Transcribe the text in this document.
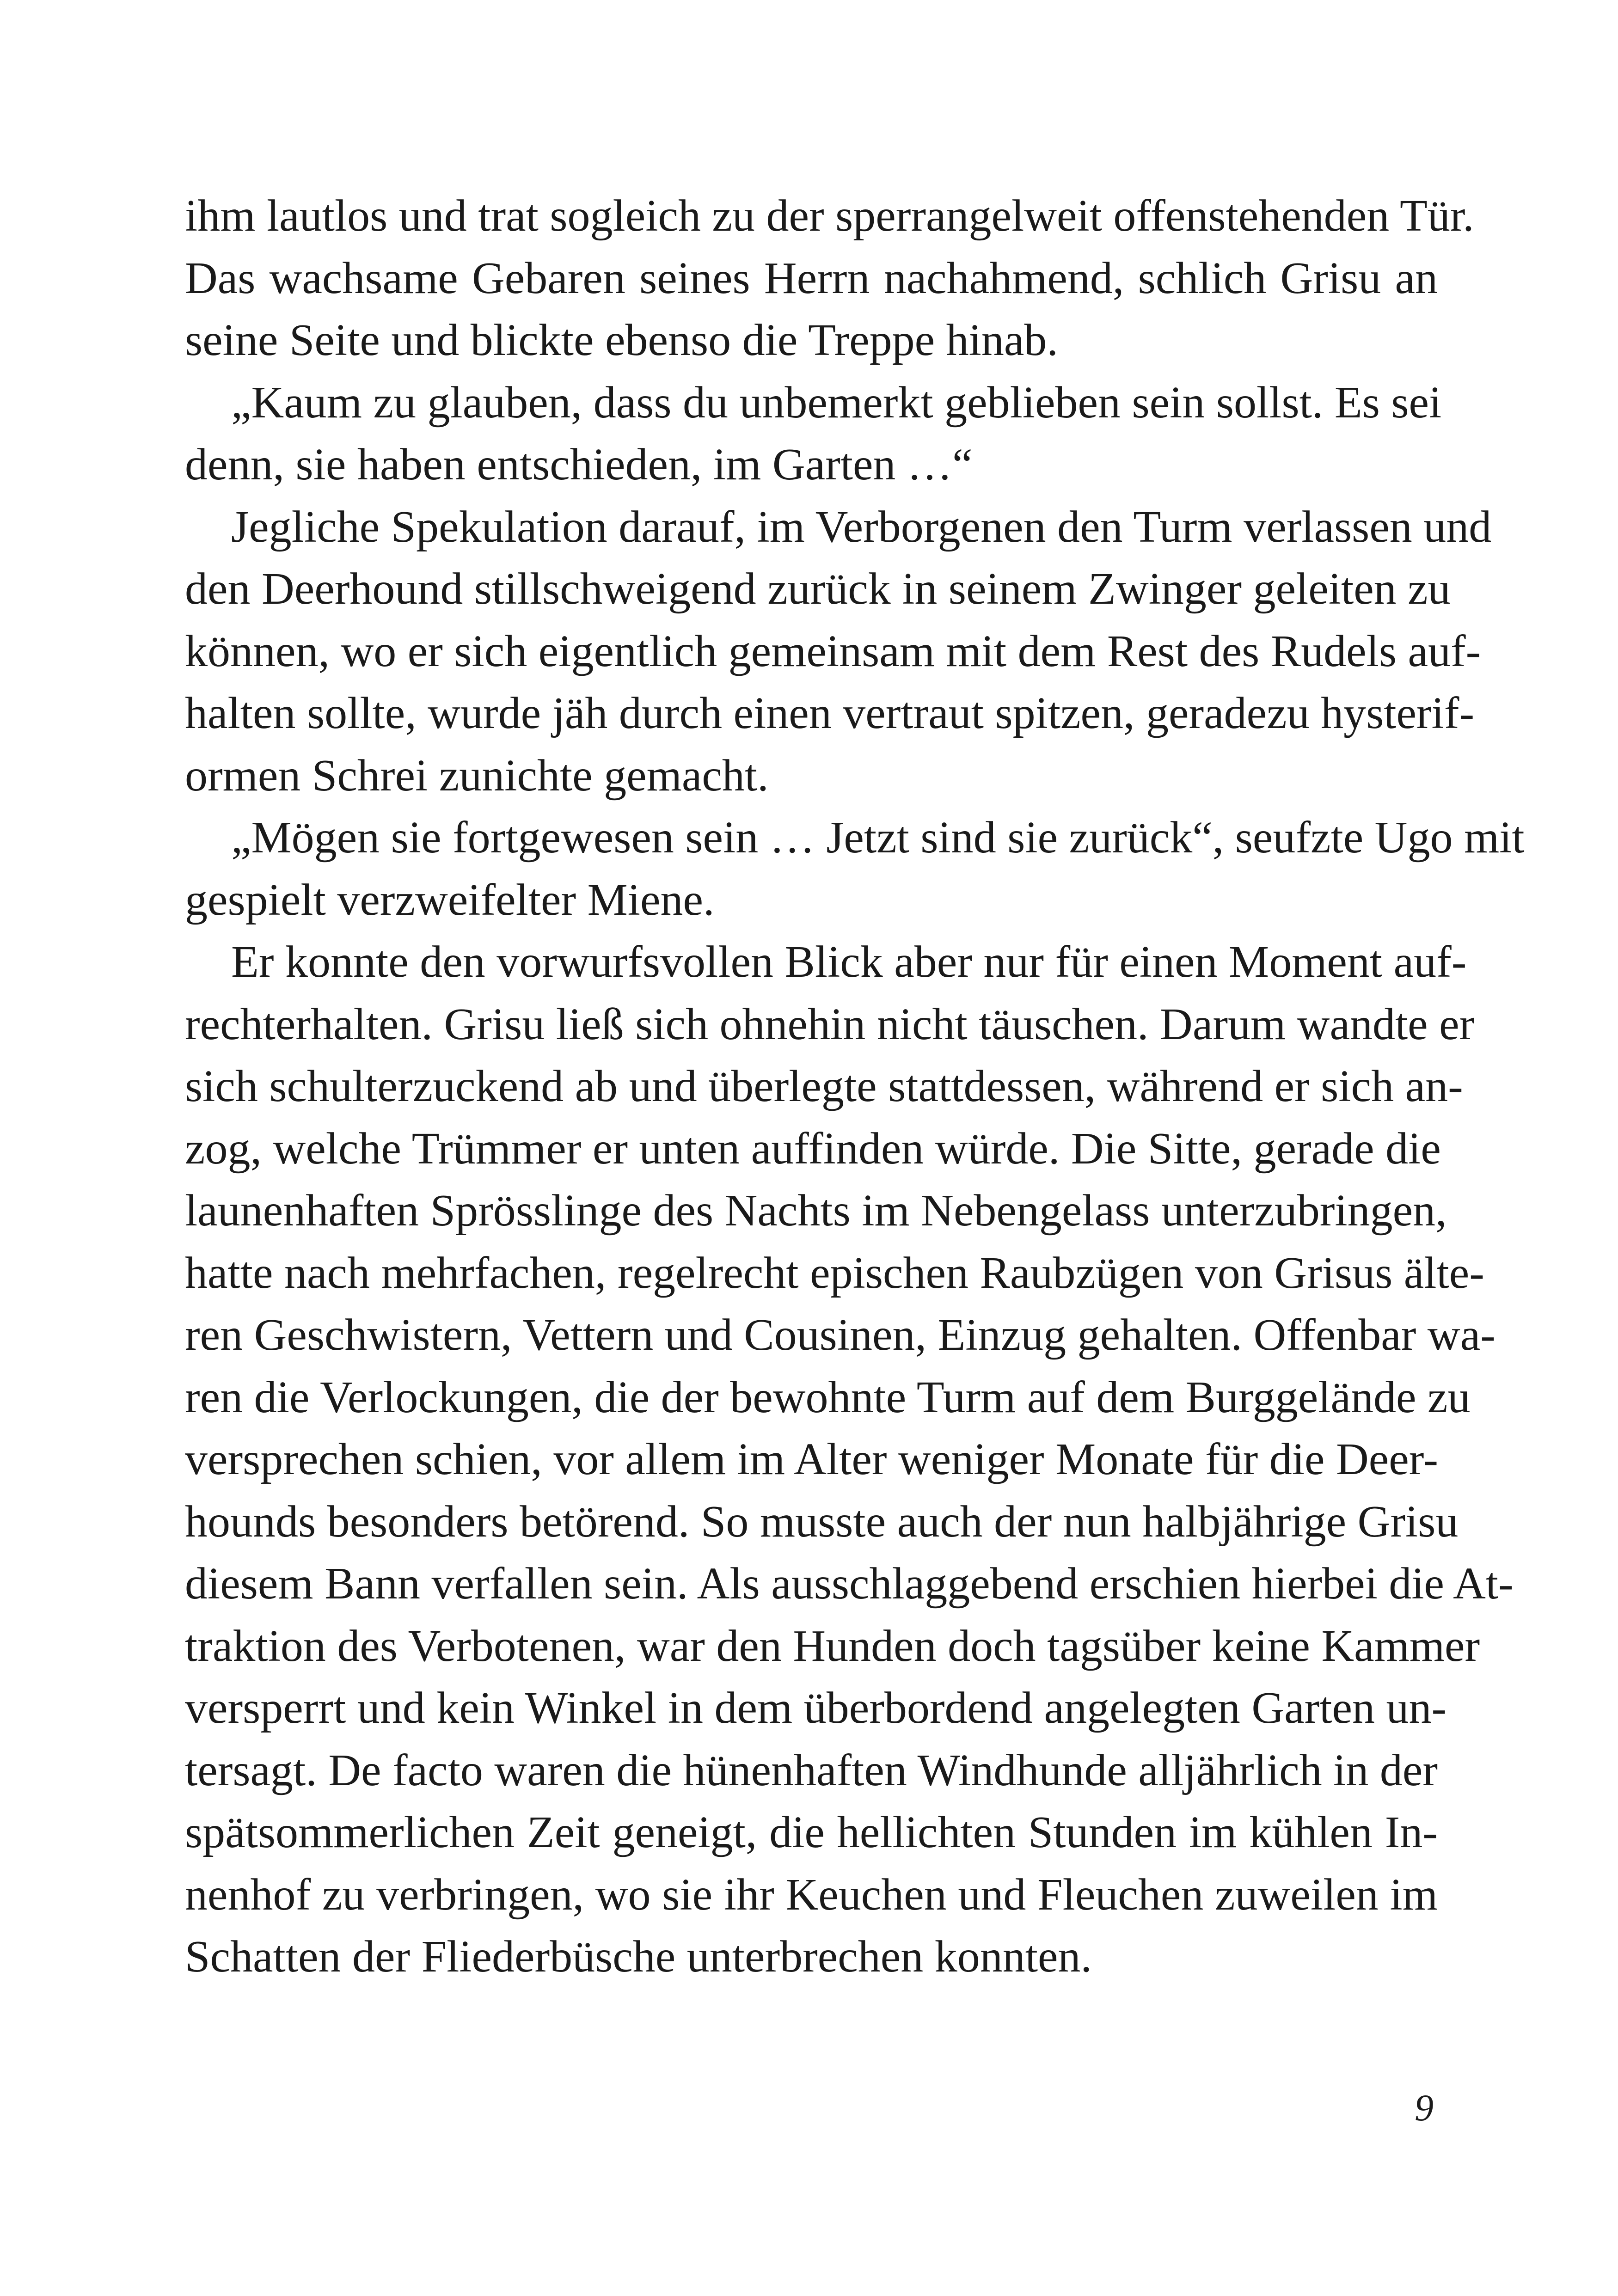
ihm lautlos und trat sogleich zu der sperrangelweit offenstehenden Tür.
Das wachsame Gebaren seines Herrn nachahmend, schlich Grisu an
seine Seite und blickte ebenso die Treppe hinab.
„Kaum zu glauben, dass du unbemerkt geblieben sein sollst. Es sei
denn, sie haben entschieden, im Garten …“
Jegliche Spekulation darauf, im Verborgenen den Turm verlassen und
den Deerhound stillschweigend zurück in seinem Zwinger geleiten zu
können, wo er sich eigentlich gemeinsam mit dem Rest des Rudels auf-
halten sollte, wurde jäh durch einen vertraut spitzen, geradezu hysterif-
ormen Schrei zunichte gemacht.
„Mögen sie fortgewesen sein … Jetzt sind sie zurück“, seufzte Ugo mit
gespielt verzweifelter Miene.
Er konnte den vorwurfsvollen Blick aber nur für einen Moment auf-
rechterhalten. Grisu ließ sich ohnehin nicht täuschen. Darum wandte er
sich schulterzuckend ab und überlegte stattdessen, während er sich an-
zog, welche Trümmer er unten auffinden würde. Die Sitte, gerade die
launenhaften Sprösslinge des Nachts im Nebengelass unterzubringen,
hatte nach mehrfachen, regelrecht epischen Raubzügen von Grisus älte-
ren Geschwistern, Vettern und Cousinen, Einzug gehalten. Offenbar wa-
ren die Verlockungen, die der bewohnte Turm auf dem Burggelände zu
versprechen schien, vor allem im Alter weniger Monate für die Deer-
hounds besonders betörend. So musste auch der nun halbjährige Grisu
diesem Bann verfallen sein. Als ausschlaggebend erschien hierbei die At-
traktion des Verbotenen, war den Hunden doch tagsüber keine Kammer
versperrt und kein Winkel in dem überbordend angelegten Garten un-
tersagt. De facto waren die hünenhaften Windhunde alljährlich in der
spätsommerlichen Zeit geneigt, die hellichten Stunden im kühlen In-
nenhof zu verbringen, wo sie ihr Keuchen und Fleuchen zuweilen im
Schatten der Fliederbüsche unterbrechen konnten.
9
